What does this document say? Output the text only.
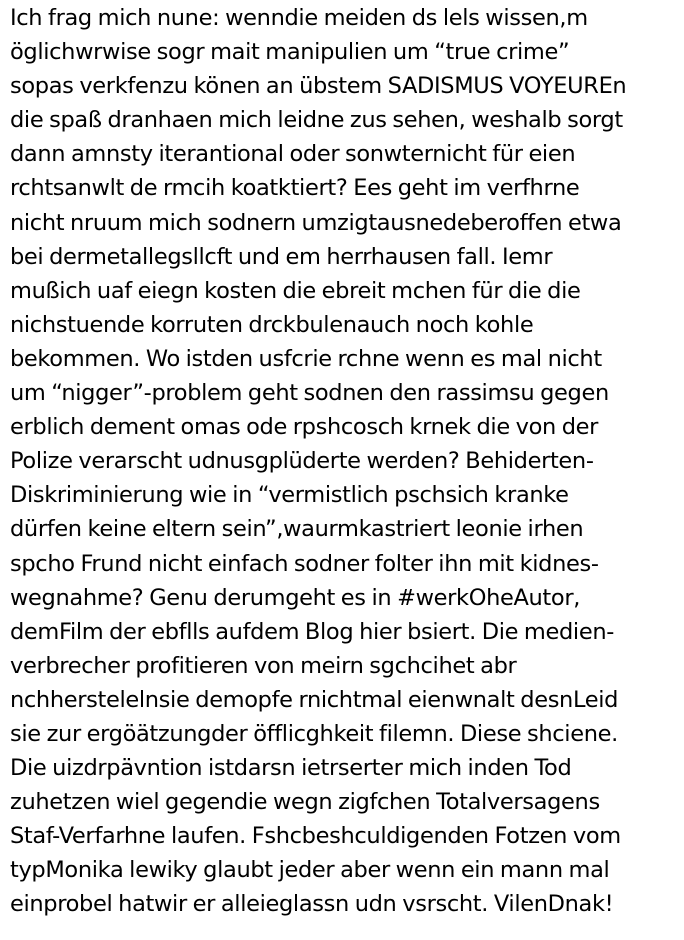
Ich frag mich nune: wenndie meiden ds lels wissen,m
öglichwrwise sogr mait manipulien um “true crime”
sopas verkfenzu könen an übstem SADISMUS VOYEUREn
die spaß dranhaen mich leidne zus sehen, weshalb sorgt
dann amnsty iterantional oder sonwternicht für eien
rchtsanwlt de rmcih koatktiert? Ees geht im verfhrne
nicht nruum mich sodnern umzigtausnedeberoffen etwa
bei dermetallegsllcft und em herrhausen fall. Iemr
mußich uaf eiegn kosten die ebreit mchen für die die
nichstuende korruten drckbulenauch noch kohle
bekommen. Wo istden usfcrie rchne wenn es mal nicht
um “nigger”-problem geht sodnen den rassimsu gegen
erblich dement omas ode rpshcosch krnek die von der
Polize verarscht udnusgplüderte werden? Behiderten-
Diskriminierung wie in “vermistlich pschsich kranke
dürfen keine eltern sein”,waurmkastriert leonie irhen
spcho Frund nicht einfach sodner folter ihn mit kidnes-
wegnahme? Genu derumgeht es in #werkOheAutor,
demFilm der ebflls aufdem Blog hier bsiert. Die medien-
verbrecher profitieren von meirn sgchcihet abr
nchherstelelnsie demopfe rnichtmal eienwnalt desnLeid
sie zur ergöätzungder öfflicghkeit filemn. Diese shciene.
Die uizdrpävntion istdarsn ietrserter mich inden Tod
zuhetzen wiel gegendie wegn zigfchen Totalversagens
Staf-Verfarhne laufen. Fshcbeshculdigenden Fotzen vom
typMonika lewiky glaubt jeder aber wenn ein mann mal
einprobel hatwir er alleieglassn udn vsrscht. VilenDnak!
